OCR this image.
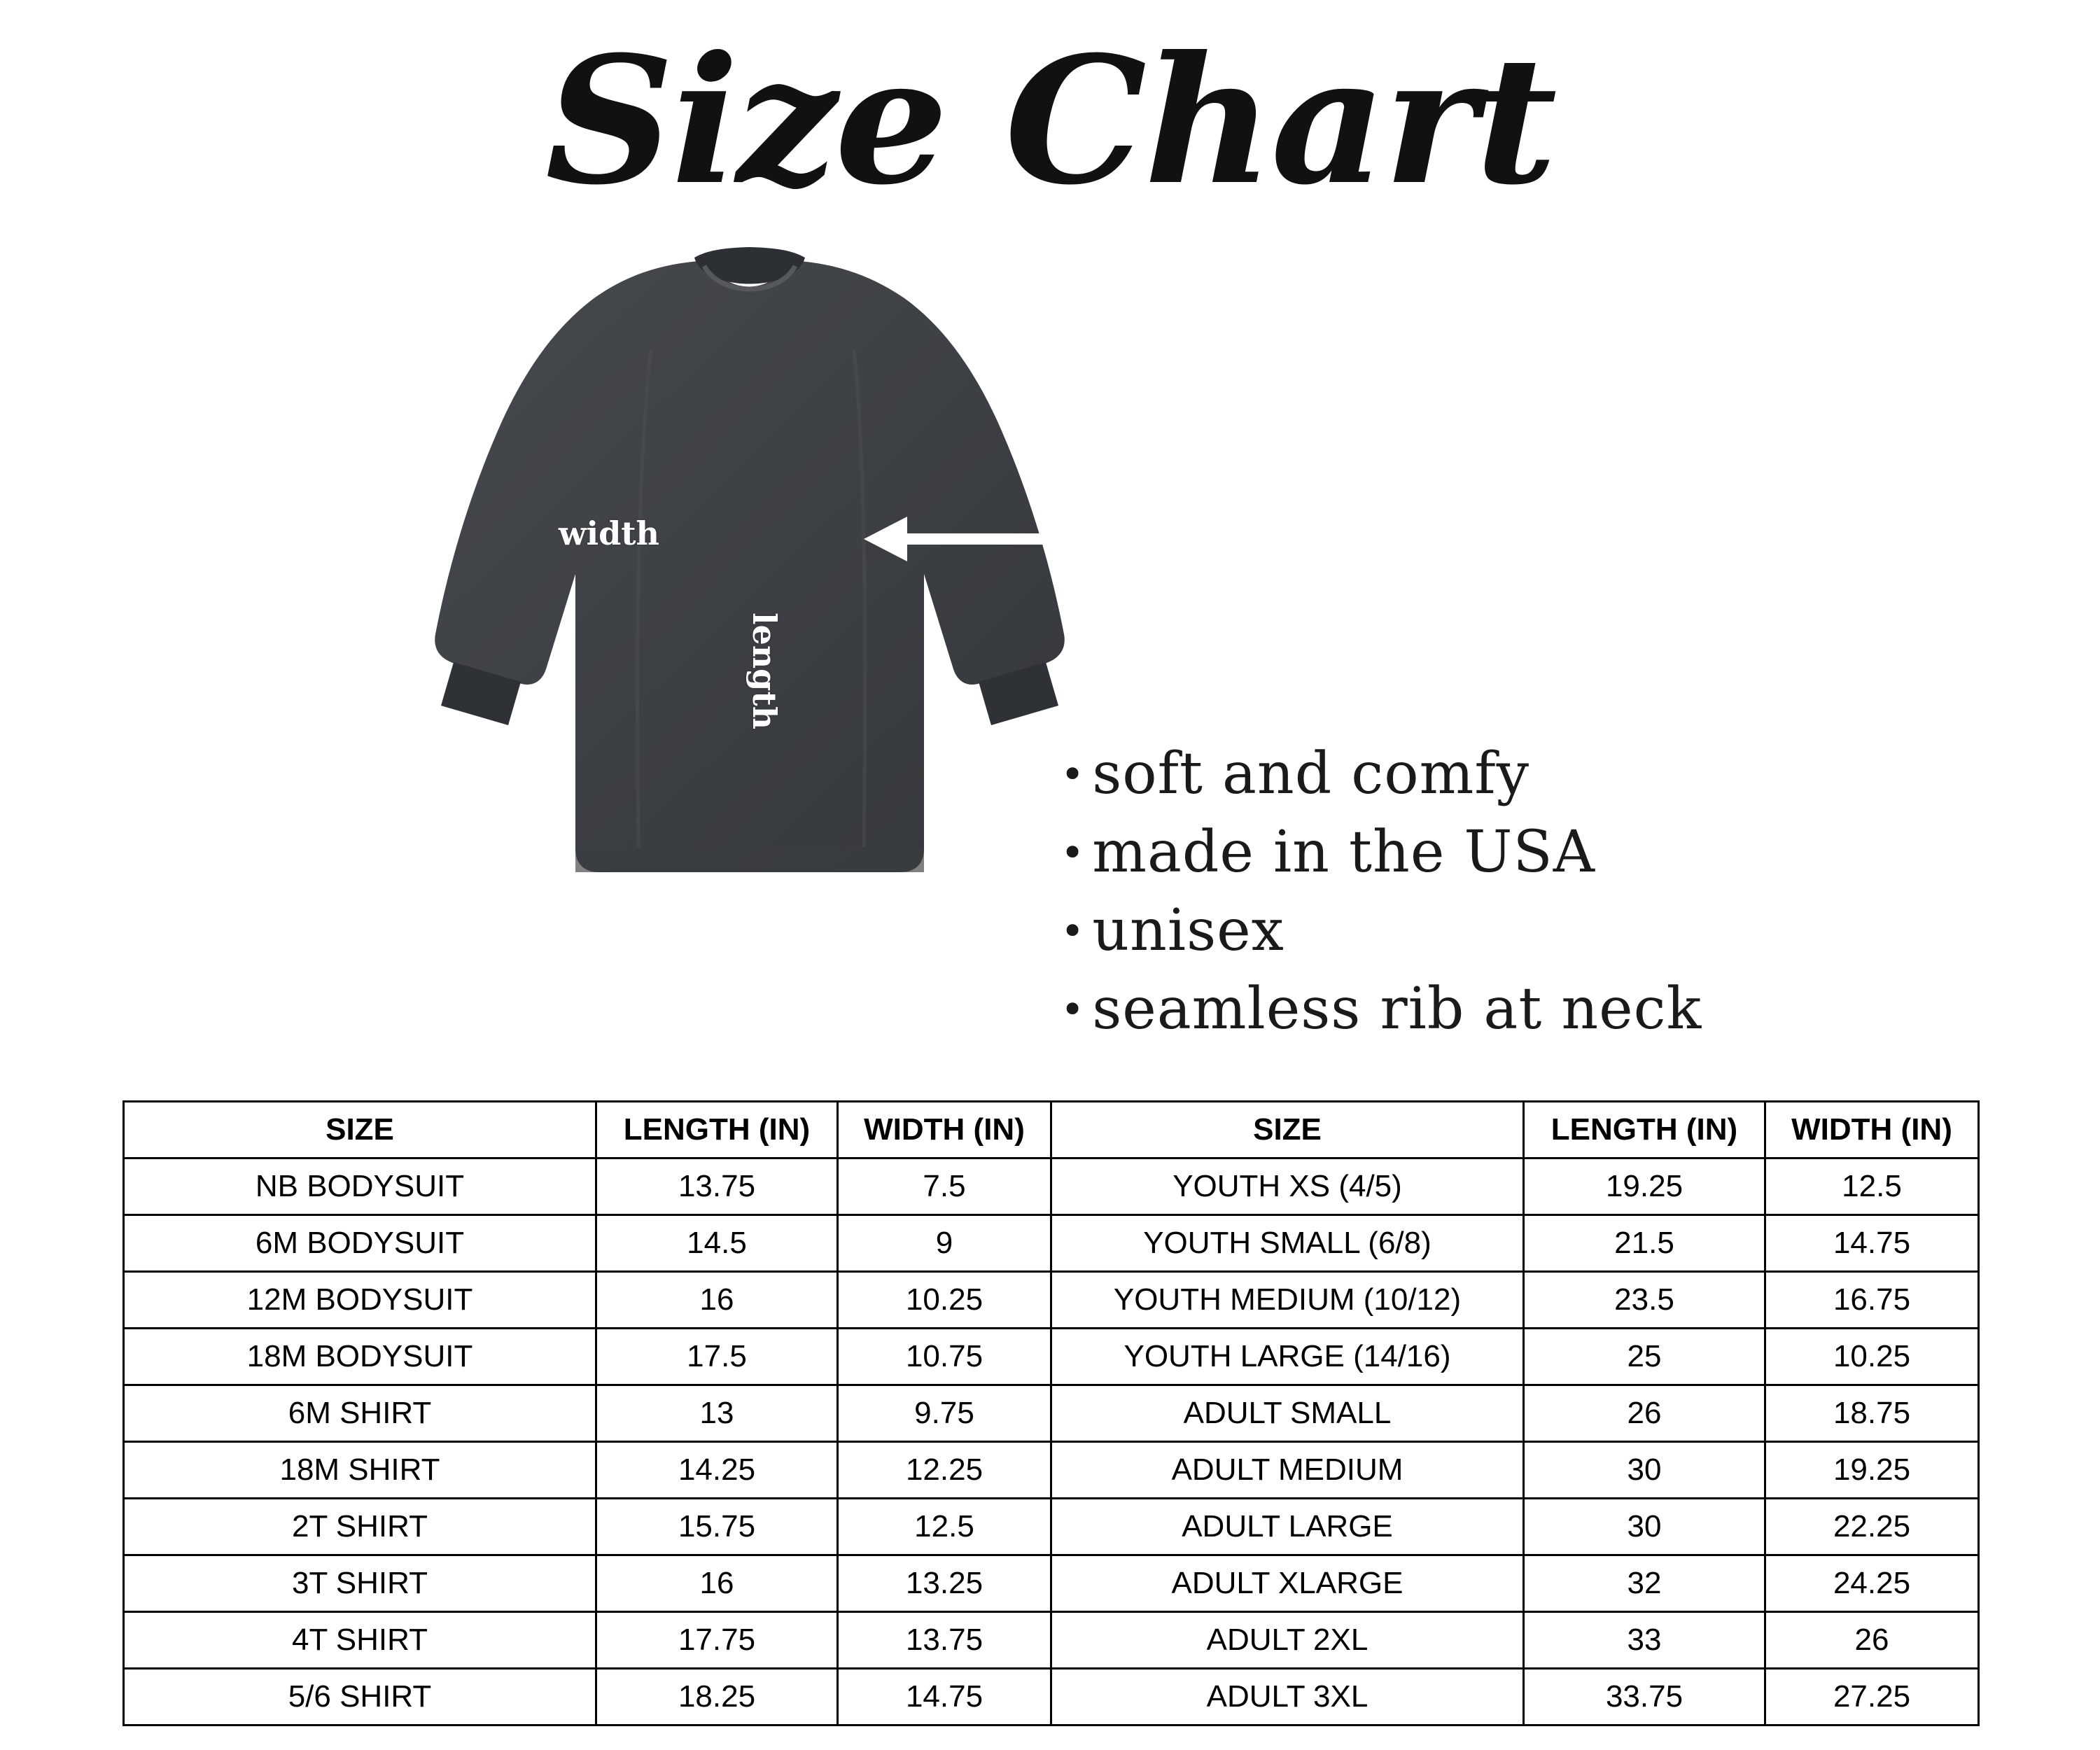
Size Chart
width
length
• soft and comfy
• made in the USA
• unisex
• seamless rib at neck
SIZE	LENGTH (IN)	WIDTH (IN)	SIZE	LENGTH (IN)	WIDTH (IN)
NB BODYSUIT	13.75	7.5	YOUTH XS (4/5)	19.25	12.5
6M BODYSUIT	14.5	9	YOUTH SMALL (6/8)	21.5	14.75
12M BODYSUIT	16	10.25	YOUTH MEDIUM (10/12)	23.5	16.75
18M BODYSUIT	17.5	10.75	YOUTH LARGE (14/16)	25	10.25
6M SHIRT	13	9.75	ADULT SMALL	26	18.75
18M SHIRT	14.25	12.25	ADULT MEDIUM	30	19.25
2T SHIRT	15.75	12.5	ADULT LARGE	30	22.25
3T SHIRT	16	13.25	ADULT XLARGE	32	24.25
4T SHIRT	17.75	13.75	ADULT 2XL	33	26
5/6 SHIRT	18.25	14.75	ADULT 3XL	33.75	27.25
